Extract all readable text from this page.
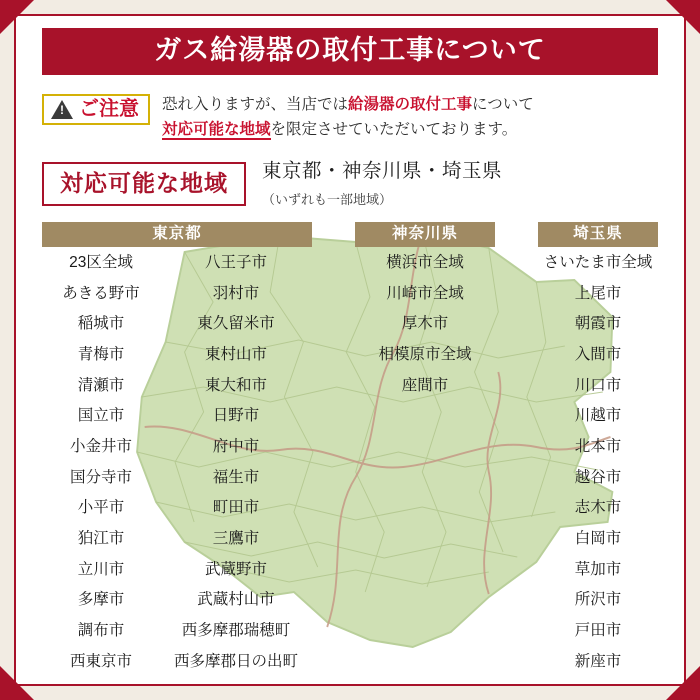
ガス給湯器の取付工事について
!
ご注意 恐れ入りますが、当店では給湯器の取付工事について
対応可能な地域を限定させていただいております。
対応可能な地域	東京都・神奈川県・埼玉県
（いずれも一部地域）
東京都
23区全域
あきる野市
稲城市
青梅市
清瀬市
国立市
小金井市
国分寺市
小平市
狛江市
立川市
多摩市
調布市
西東京市
八王子市
羽村市
東久留米市
東村山市
東大和市
日野市
府中市
福生市
町田市
三鷹市
武蔵野市
武蔵村山市
西多摩郡瑞穂町
西多摩郡日の出町
神奈川県
横浜市全域
川崎市全域
厚木市
相模原市全域
座間市
埼玉県
さいたま市全域
上尾市
朝霞市
入間市
川口市
川越市
北本市
越谷市
志木市
白岡市
草加市
所沢市
戸田市
新座市
